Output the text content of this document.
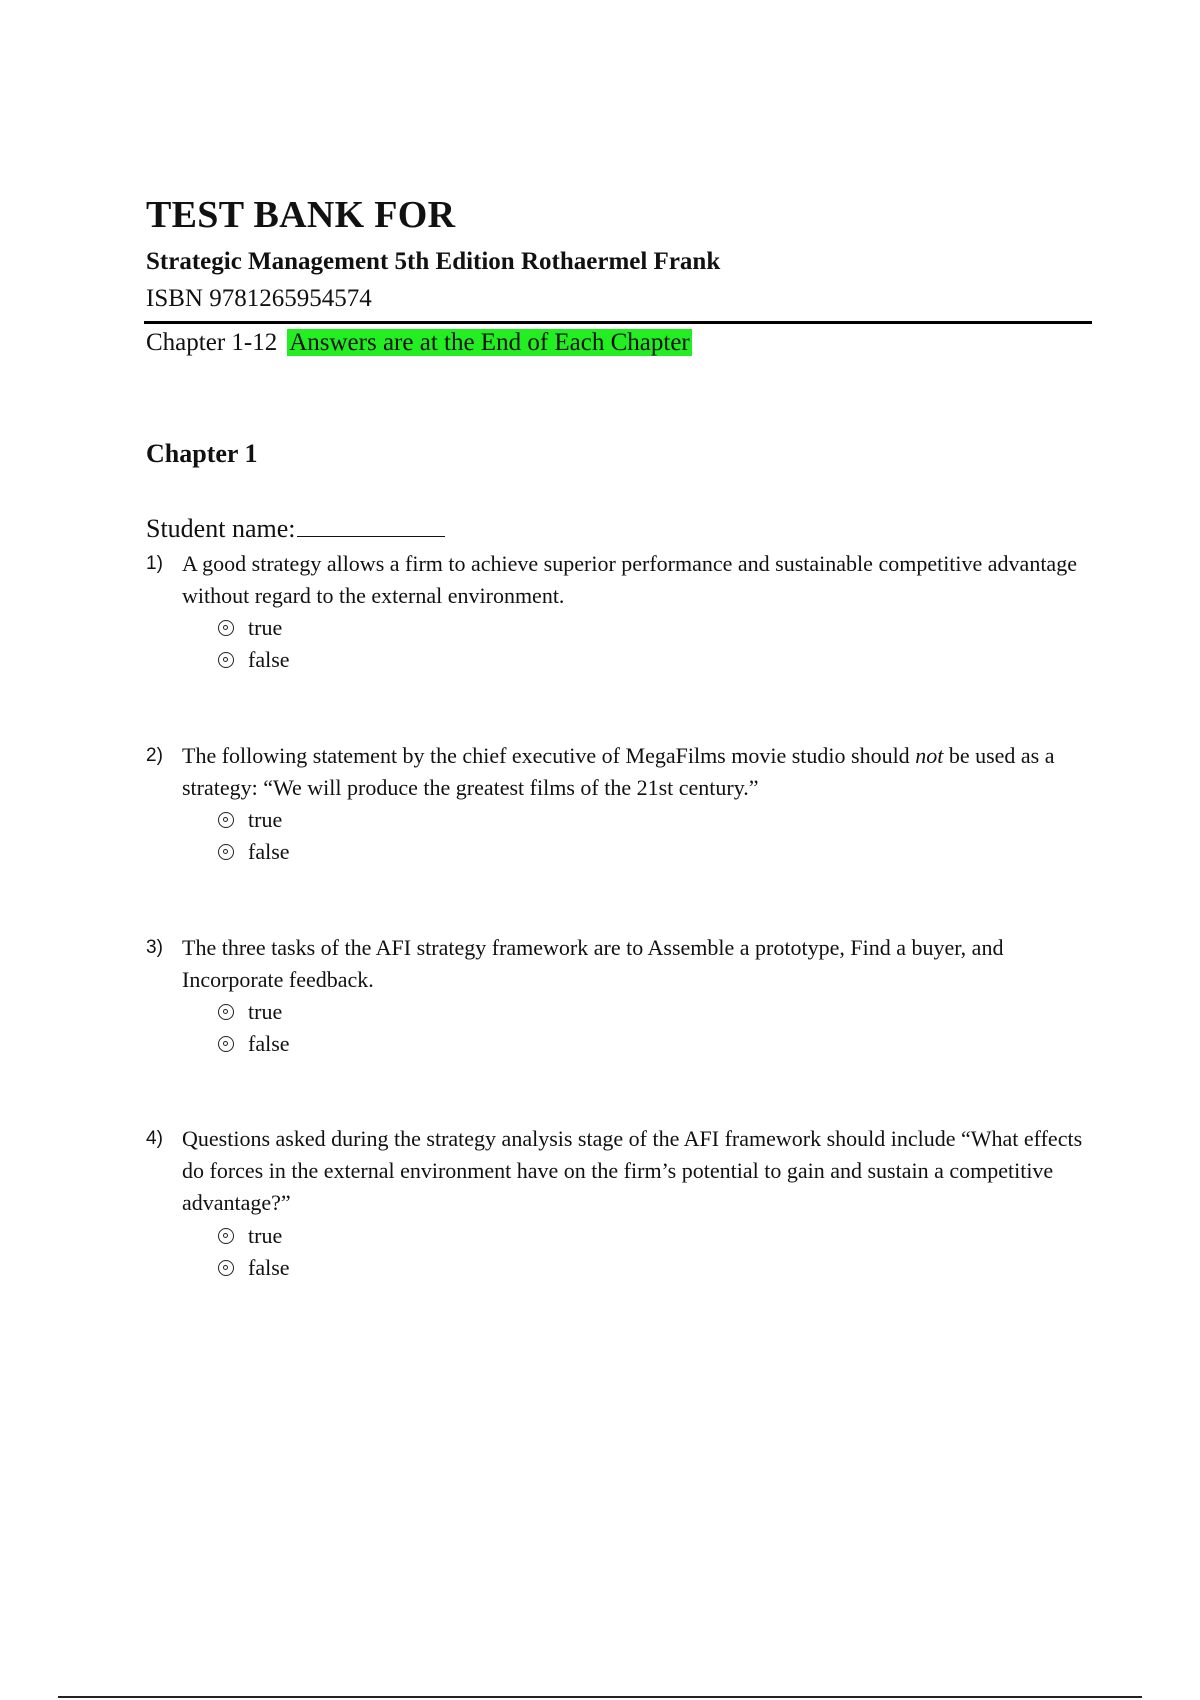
TEST BANK FOR
Strategic Management 5th Edition Rothaermel Frank
ISBN 9781265954574
Chapter 1-12 Answers are at the End of Each Chapter
Chapter 1
Student name:
1) A good strategy allows a firm to achieve superior performance and sustainable competitive advantage without regard to the external environment.
true
false
2) The following statement by the chief executive of MegaFilms movie studio should not be used as a strategy: “We will produce the greatest films of the 21st century.”
true
false
3) The three tasks of the AFI strategy framework are to Assemble a prototype, Find a buyer, and Incorporate feedback.
true
false
4) Questions asked during the strategy analysis stage of the AFI framework should include “What effects do forces in the external environment have on the firm’s potential to gain and sustain a competitive advantage?”
true
false
